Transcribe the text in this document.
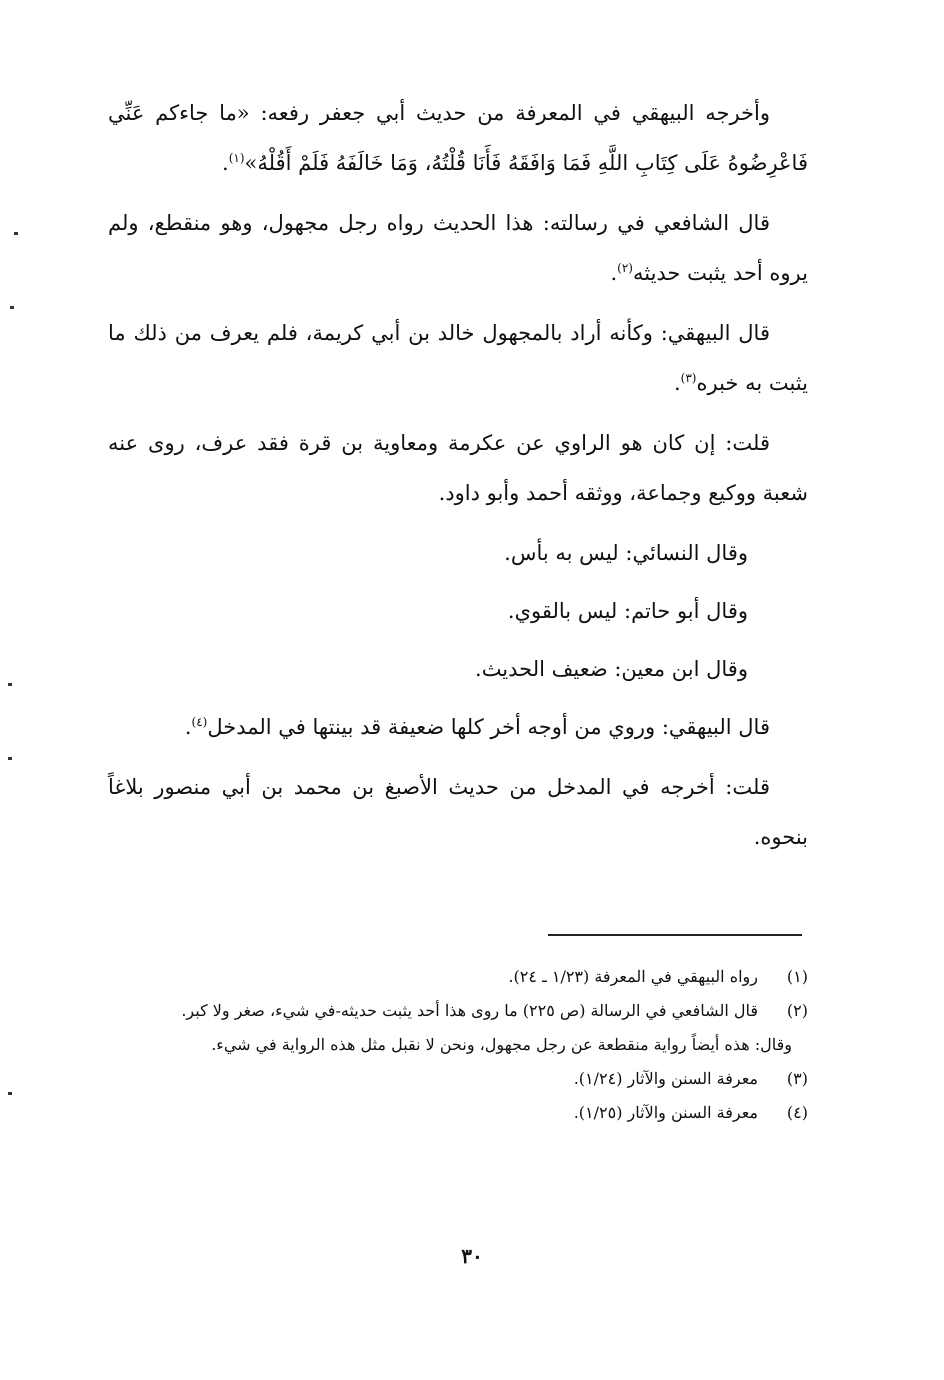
وأخرجه البيهقي في المعرفة من حديث أبي جعفر رفعه: «ما جاءكم عَنِّي فَاعْرِضُوهُ عَلَى كِتَابِ اللَّهِ فَمَا وَافَقَهُ فَأَنَا قُلْتُهُ، وَمَا خَالَفَهُ فَلَمْ أَقُلْهُ»$^{(١)}$.

قال الشافعي في رسالته: هذا الحديث رواه رجل مجهول، وهو منقطع، ولم يروه أحد يثبت حديثه$^{(٢)}$.

قال البيهقي: وكأنه أراد بالمجهول خالد بن أبي كريمة، فلم يعرف من ذلك ما يثبت به خبره$^{(٣)}$.

قلت: إن كان هو الراوي عن عكرمة ومعاوية بن قرة فقد عرف، روى عنه شعبة ووكيع وجماعة، ووثقه أحمد وأبو داود.

وقال النسائي: ليس به بأس.

وقال أبو حاتم: ليس بالقوي.

وقال ابن معين: ضعيف الحديث.

قال البيهقي: وروي من أوجه أخر كلها ضعيفة قد بينتها في المدخل$^{(٤)}$.

قلت: أخرجه في المدخل من حديث الأصبغ بن محمد بن أبي منصور بلاغاً بنحوه.

(١)
رواه البيهقي في المعرفة (١/٢٣ ـ ٢٤).
(٢)
قال الشافعي في الرسالة (ص ٢٢٥) ما روى هذا أحد يثبت حديثه-في شيء، صغر ولا كبر.
وقال: هذه أيضاً رواية منقطعة عن رجل مجهول، ونحن لا نقبل مثل هذه الرواية في شيء.
(٣)
معرفة السنن والآثار (١/٢٤).
(٤)
معرفة السنن والآثار (١/٢٥).
٣٠
